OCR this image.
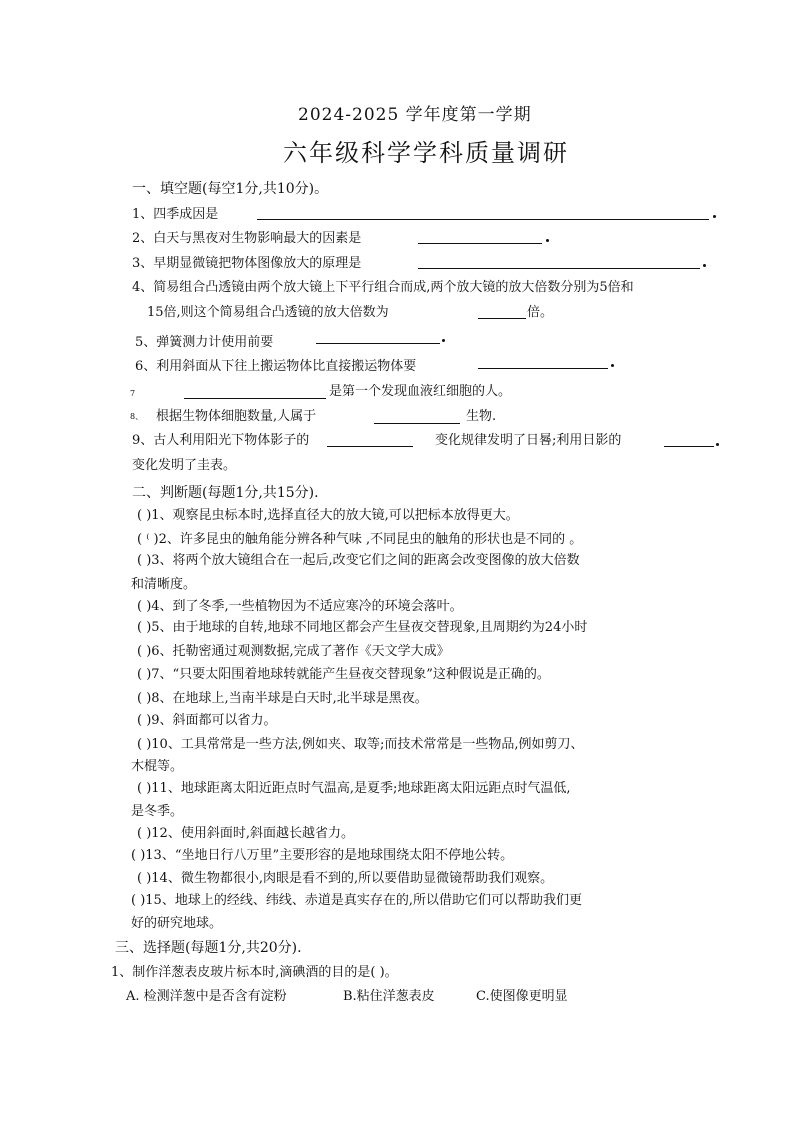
2024-2025 学年度第一学期
六年级科学学科质量调研
一、填空题(每空1分,共10分)。
1、四季成因是
2、白天与黑夜对生物影响最大的因素是
3、早期显微镜把物体图像放大的原理是
4、简易组合凸透镜由两个放大镜上下平行组合而成,两个放大镜的放大倍数分别为5倍和
15倍,则这个简易组合凸透镜的放大倍数为	倍。
5、弹簧测力计使用前要
6、利用斜面从下往上搬运物体比直接搬运物体要
7	是第一个发现血液红细胞的人。
8、 根据生物体细胞数量,人属于	生物.
9、古人利用阳光下物体影子的	变化规律发明了日晷;利用日影的
变化发明了圭表。
二、判断题(每题1分,共15分).
( )1、观察昆虫标本时,选择直径大的放大镜,可以把标本放得更大。
( ⁽ )2、许多昆虫的触角能分辨各种气味 ,不同昆虫的触角的形状也是不同的 。
( )3、将两个放大镜组合在一起后,改变它们之间的距离会改变图像的放大倍数
和清晰度。
( )4、到了冬季,一些植物因为不适应寒冷的环境会落叶。
( )5、由于地球的自转,地球不同地区都会产生昼夜交替现象,且周期约为24小时
( )6、托勒密通过观测数据,完成了著作《天文学大成》
( )7、“只要太阳围着地球转就能产生昼夜交替现象”这种假说是正确的。
( )8、在地球上,当南半球是白天时,北半球是黑夜。
( )9、斜面都可以省力。
( )10、工具常常是一些方法,例如夹、取等;而技术常常是一些物品,例如剪刀、
木棍等。
( )11、地球距离太阳近距点时气温高,是夏季;地球距离太阳远距点时气温低,
是冬季。
( )12、使用斜面时,斜面越长越省力。
( )13、“坐地日行八万里”主要形容的是地球围绕太阳不停地公转。
( )14、微生物都很小,肉眼是看不到的,所以要借助显微镜帮助我们观察。
( )15、地球上的经线、纬线、赤道是真实存在的,所以借助它们可以帮助我们更
好的研究地球。
三、选择题(每题1分,共20分).
1、制作洋葱表皮玻片标本时,滴碘酒的目的是( )。
A. 检测洋葱中是否含有淀粉	B.粘住洋葱表皮	C.使图像更明显
